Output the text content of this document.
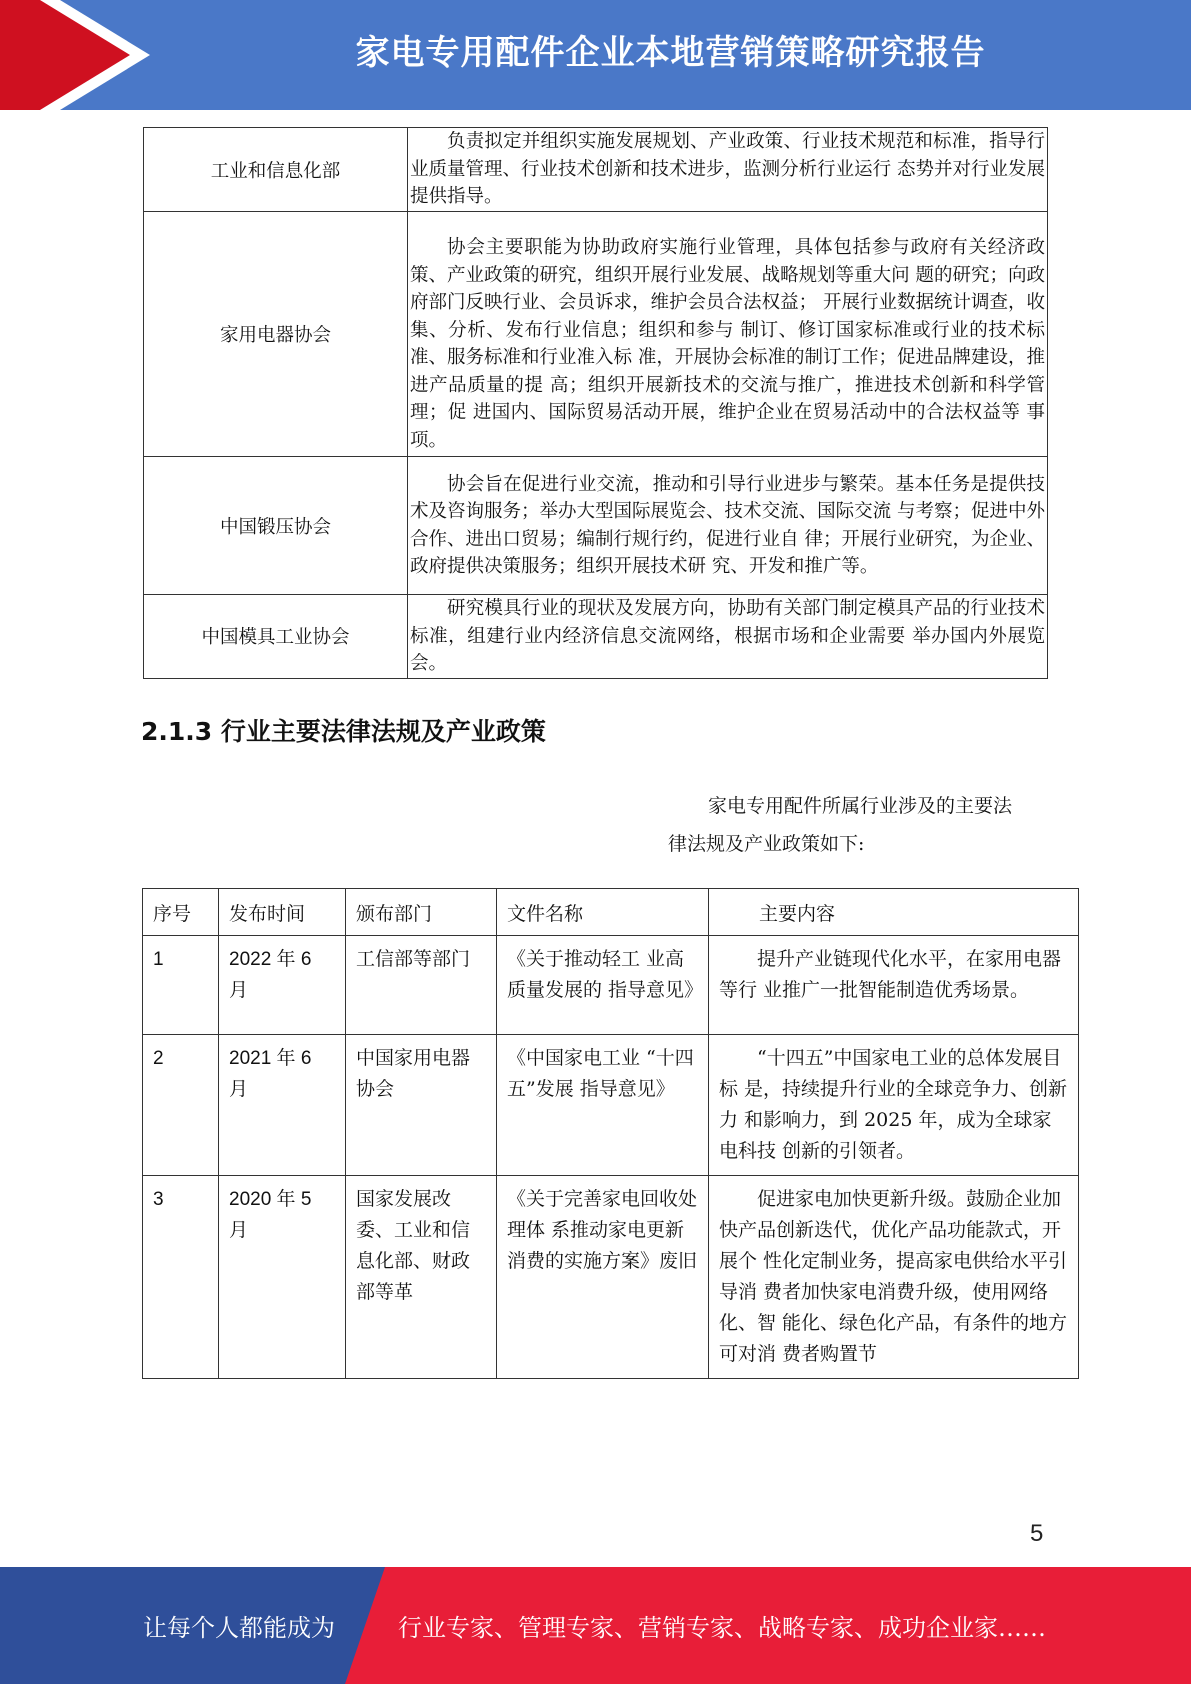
家电专用配件企业本地营销策略研究报告
工业和信息化部	负责拟定并组织实施发展规划、产业政策、行业技术规范和标准，指导行业质量管理、行业技术创新和技术进步，监测分析行业运行 态势并对行业发展提供指导。

家用电器协会	协会主要职能为协助政府实施行业管理，具体包括参与政府有关经济政策、产业政策的研究，组织开展行业发展、战略规划等重大问 题的研究；向政府部门反映行业、会员诉求，维护会员合法权益； 开展行业数据统计调查，收集、分析、发布行业信息；组织和参与 制订、修订国家标准或行业的技术标准、服务标准和行业准入标 准，开展协会标准的制订工作；促进品牌建设，推进产品质量的提 高；组织开展新技术的交流与推广，推进技术创新和科学管理；促 进国内、国际贸易活动开展，维护企业在贸易活动中的合法权益等 事项。

中国锻压协会	协会旨在促进行业交流，推动和引导行业进步与繁荣。基本任务是提供技术及咨询服务；举办大型国际展览会、技术交流、国际交流 与考察；促进中外合作、进出口贸易；编制行规行约，促进行业自 律；开展行业研究，为企业、政府提供决策服务；组织开展技术研 究、开发和推广等。

中国模具工业协会	研究模具行业的现状及发展方向，协助有关部门制定模具产品的行业技术标准，组建行业内经济信息交流网络，根据市场和企业需要 举办国内外展览会。
2.1.3 行业主要法律法规及产业政策
家电专用配件所属行业涉及的主要法
律法规及产业政策如下:
序号	发布时间	颁布部门	文件名称	主要内容
1	2022 年 6 月	工信部等部门	《关于推动轻工 业高质量发展的 指导意见》	提升产业链现代化水平，在家用电器等行 业推广一批智能制造优秀场景。

2	2021 年 6 月	中国家用电器协会	《中国家电工业 “十四五”发展 指导意见》	“十四五”中国家电工业的总体发展目标 是，持续提升行业的全球竞争力、创新力 和影响力，到 2025 年，成为全球家电科技 创新的引领者。

3	2020 年 5 月	国家发展改委、工业和信息化部、财政部等革	《关于完善家电回收处理体 系推动家电更新 消费的实施方案》废旧	促进家电加快更新升级。鼓励企业加快产品创新迭代，优化产品功能款式，开展个 性化定制业务，提高家电供给水平引导消 费者加快家电消费升级，使用网络化、智 能化、绿色化产品，有条件的地方可对消 费者购置节
5
让每个人都能成为	行业专家、管理专家、营销专家、战略专家、成功企业家……
